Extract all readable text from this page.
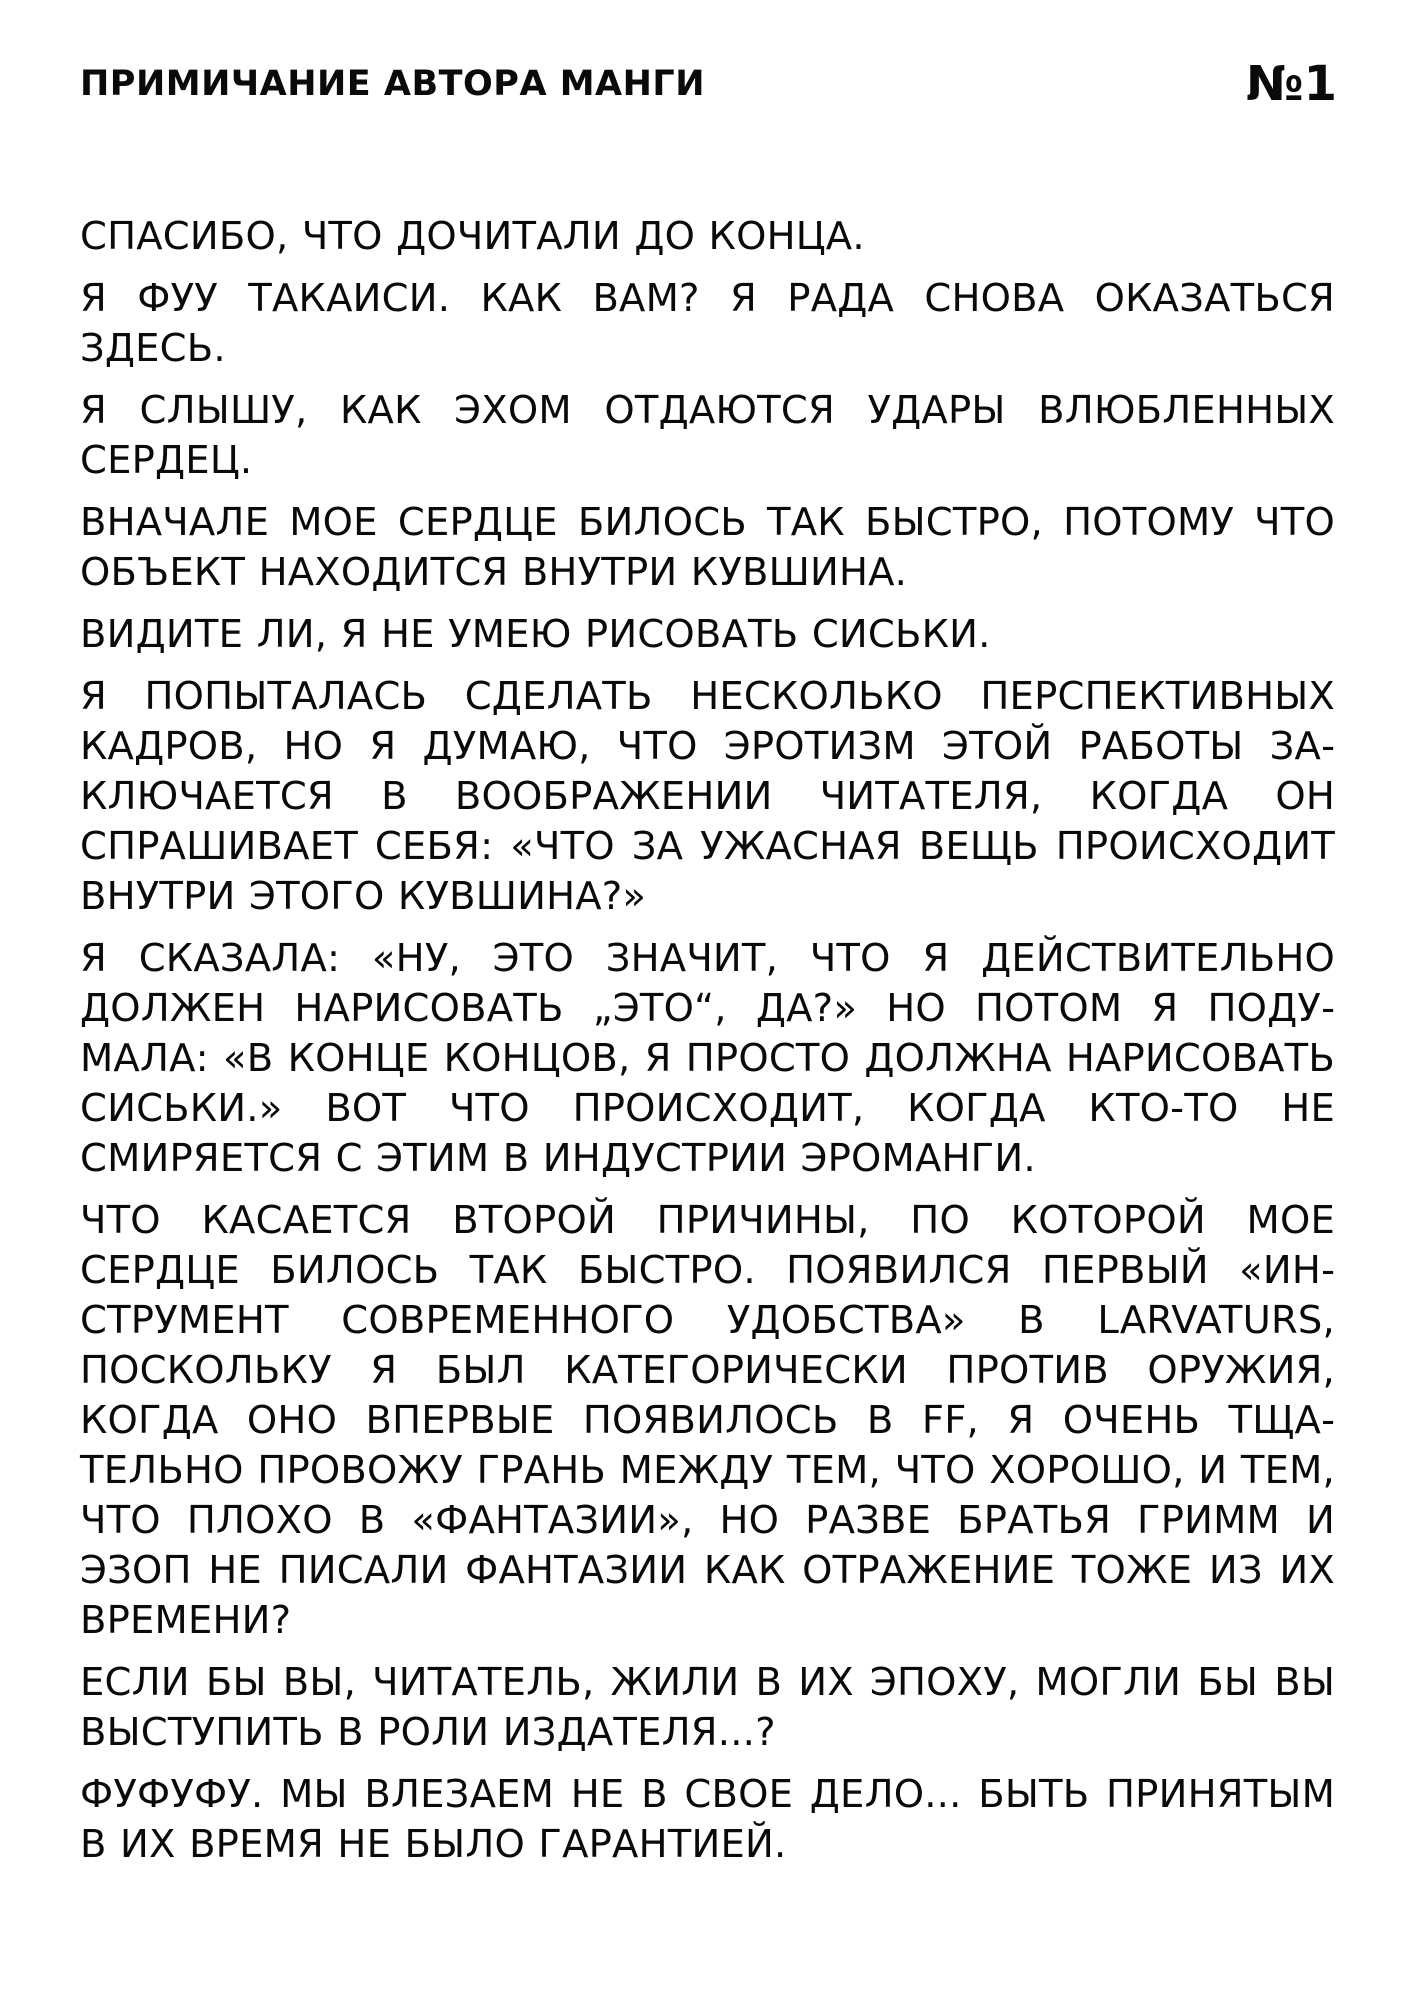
ПРИМИЧАНИЕ АВТОРА МАНГИ	№1

СПАСИБО, ЧТО ДОЧИТАЛИ ДО КОНЦА.

Я ФУУ ТАКАИСИ. КАК ВАМ? Я РАДА СНОВА ОКАЗАТЬСЯ ЗДЕСЬ.

Я СЛЫШУ, КАК ЭХОМ ОТДАЮТСЯ УДАРЫ ВЛЮБЛЕННЫХ СЕРДЕЦ.

ВНАЧАЛЕ МОЕ СЕРДЦЕ БИЛОСЬ ТАК БЫСТРО, ПОТОМУ ЧТО ОБЪЕКТ НАХОДИТСЯ ВНУТРИ КУВШИНА.

ВИДИТЕ ЛИ, Я НЕ УМЕЮ РИСОВАТЬ СИСЬКИ.

Я ПОПЫТАЛАСЬ СДЕЛАТЬ НЕСКОЛЬКО ПЕРСПЕКТИВНЫХ КАДРОВ, НО Я ДУМАЮ, ЧТО ЭРОТИЗМ ЭТОЙ РАБОТЫ ЗАКЛЮЧАЕТСЯ В ВООБРАЖЕНИИ ЧИТАТЕЛЯ, КОГДА ОН СПРАШИВАЕТ СЕБЯ: «ЧТО ЗА УЖАСНАЯ ВЕЩЬ ПРОИСХОДИТ ВНУТРИ ЭТОГО КУВШИНА?»

Я СКАЗАЛА: «НУ, ЭТО ЗНАЧИТ, ЧТО Я ДЕЙСТВИТЕЛЬНО ДОЛЖЕН НАРИСОВАТЬ „ЭТО“, ДА?» НО ПОТОМ Я ПОДУМАЛА: «В КОНЦЕ КОНЦОВ, Я ПРОСТО ДОЛЖНА НАРИСОВАТЬ СИСЬКИ.» ВОТ ЧТО ПРОИСХОДИТ, КОГДА КТО-ТО НЕ СМИРЯЕТСЯ С ЭТИМ В ИНДУСТРИИ ЭРОМАНГИ.

ЧТО КАСАЕТСЯ ВТОРОЙ ПРИЧИНЫ, ПО КОТОРОЙ МОЕ СЕРДЦЕ БИЛОСЬ ТАК БЫСТРО. ПОЯВИЛСЯ ПЕРВЫЙ «ИНСТРУМЕНТ СОВРЕМЕННОГО УДОБСТВА» В LARVATURS, ПОСКОЛЬКУ Я БЫЛ КАТЕГОРИЧЕСКИ ПРОТИВ ОРУЖИЯ, КОГДА ОНО ВПЕРВЫЕ ПОЯВИЛОСЬ В FF, Я ОЧЕНЬ ТЩАТЕЛЬНО ПРОВОЖУ ГРАНЬ МЕЖДУ ТЕМ, ЧТО ХОРОШО, И ТЕМ, ЧТО ПЛОХО В «ФАНТАЗИИ», НО РАЗВЕ БРАТЬЯ ГРИММ И ЭЗОП НЕ ПИСАЛИ ФАНТАЗИИ КАК ОТРАЖЕНИЕ ТОЖЕ ИЗ ИХ ВРЕМЕНИ?

ЕСЛИ БЫ ВЫ, ЧИТАТЕЛЬ, ЖИЛИ В ИХ ЭПОХУ, МОГЛИ БЫ ВЫ ВЫСТУПИТЬ В РОЛИ ИЗДАТЕЛЯ...?

ФУФУФУ. МЫ ВЛЕЗАЕМ НЕ В СВОЕ ДЕЛО... БЫТЬ ПРИНЯТЫМ В ИХ ВРЕМЯ НЕ БЫЛО ГАРАНТИЕЙ.
